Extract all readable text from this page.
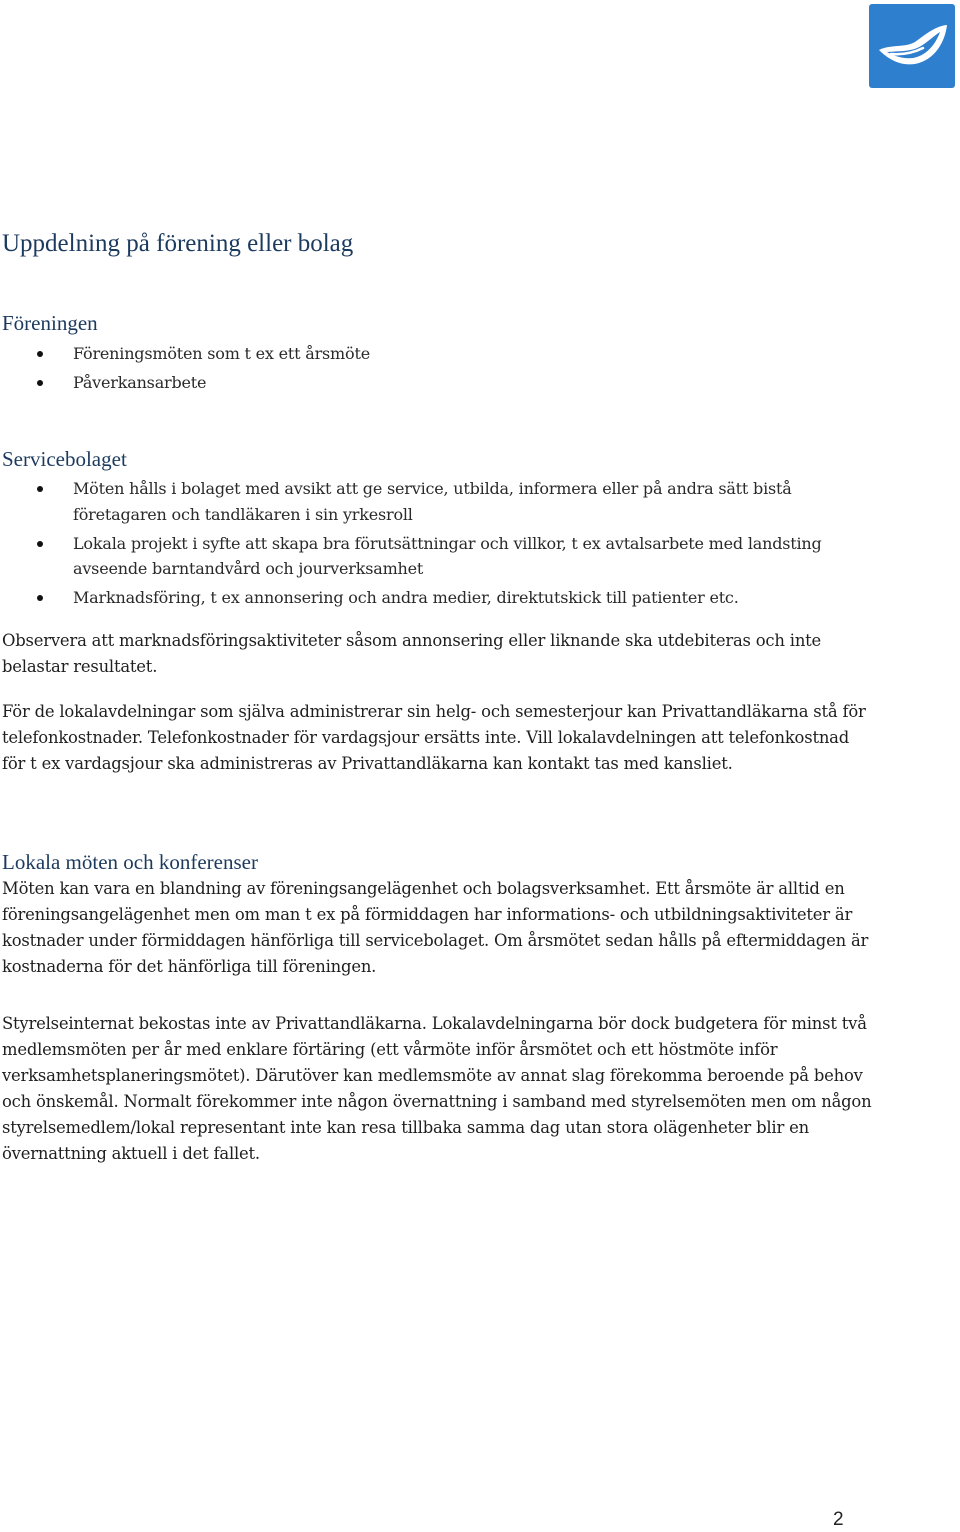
Uppdelning på förening eller bolag
Föreningen
Föreningsmöten som t ex ett årsmöte
Påverkansarbete
Servicebolaget
Möten hålls i bolaget med avsikt att ge service, utbilda, informera eller på andra sätt bistå företagaren och tandläkaren i sin yrkesroll
Lokala projekt i syfte att skapa bra förutsättningar och villkor, t ex avtalsarbete med landsting avseende barntandvård och jourverksamhet
Marknadsföring, t ex annonsering och andra medier, direktutskick till patienter etc.

Observera att marknadsföringsaktiviteter såsom annonsering eller liknande ska utdebiteras och inte belastar resultatet.

För de lokalavdelningar som själva administrerar sin helg- och semesterjour kan Privattandläkarna stå för telefonkostnader. Telefonkostnader för vardagsjour ersätts inte. Vill lokalavdelningen att telefonkostnad för t ex vardagsjour ska administreras av Privattandläkarna kan kontakt tas med kansliet.

Lokala möten och konferenser

Möten kan vara en blandning av föreningsangelägenhet och bolagsverksamhet. Ett årsmöte är alltid en föreningsangelägenhet men om man t ex på förmiddagen har informations- och utbildningsaktiviteter är kostnader under förmiddagen hänförliga till servicebolaget. Om årsmötet sedan hålls på eftermiddagen är kostnaderna för det hänförliga till föreningen.

Styrelseinternat bekostas inte av Privattandläkarna. Lokalavdelningarna bör dock budgetera för minst två medlemsmöten per år med enklare förtäring (ett vårmöte inför årsmötet och ett höstmöte inför verksamhetsplaneringsmötet). Därutöver kan medlemsmöte av annat slag förekomma beroende på behov och önskemål. Normalt förekommer inte någon övernattning i samband med styrelsemöten men om någon styrelsemedlem/lokal representant inte kan resa tillbaka samma dag utan stora olägenheter blir en övernattning aktuell i det fallet.

2
